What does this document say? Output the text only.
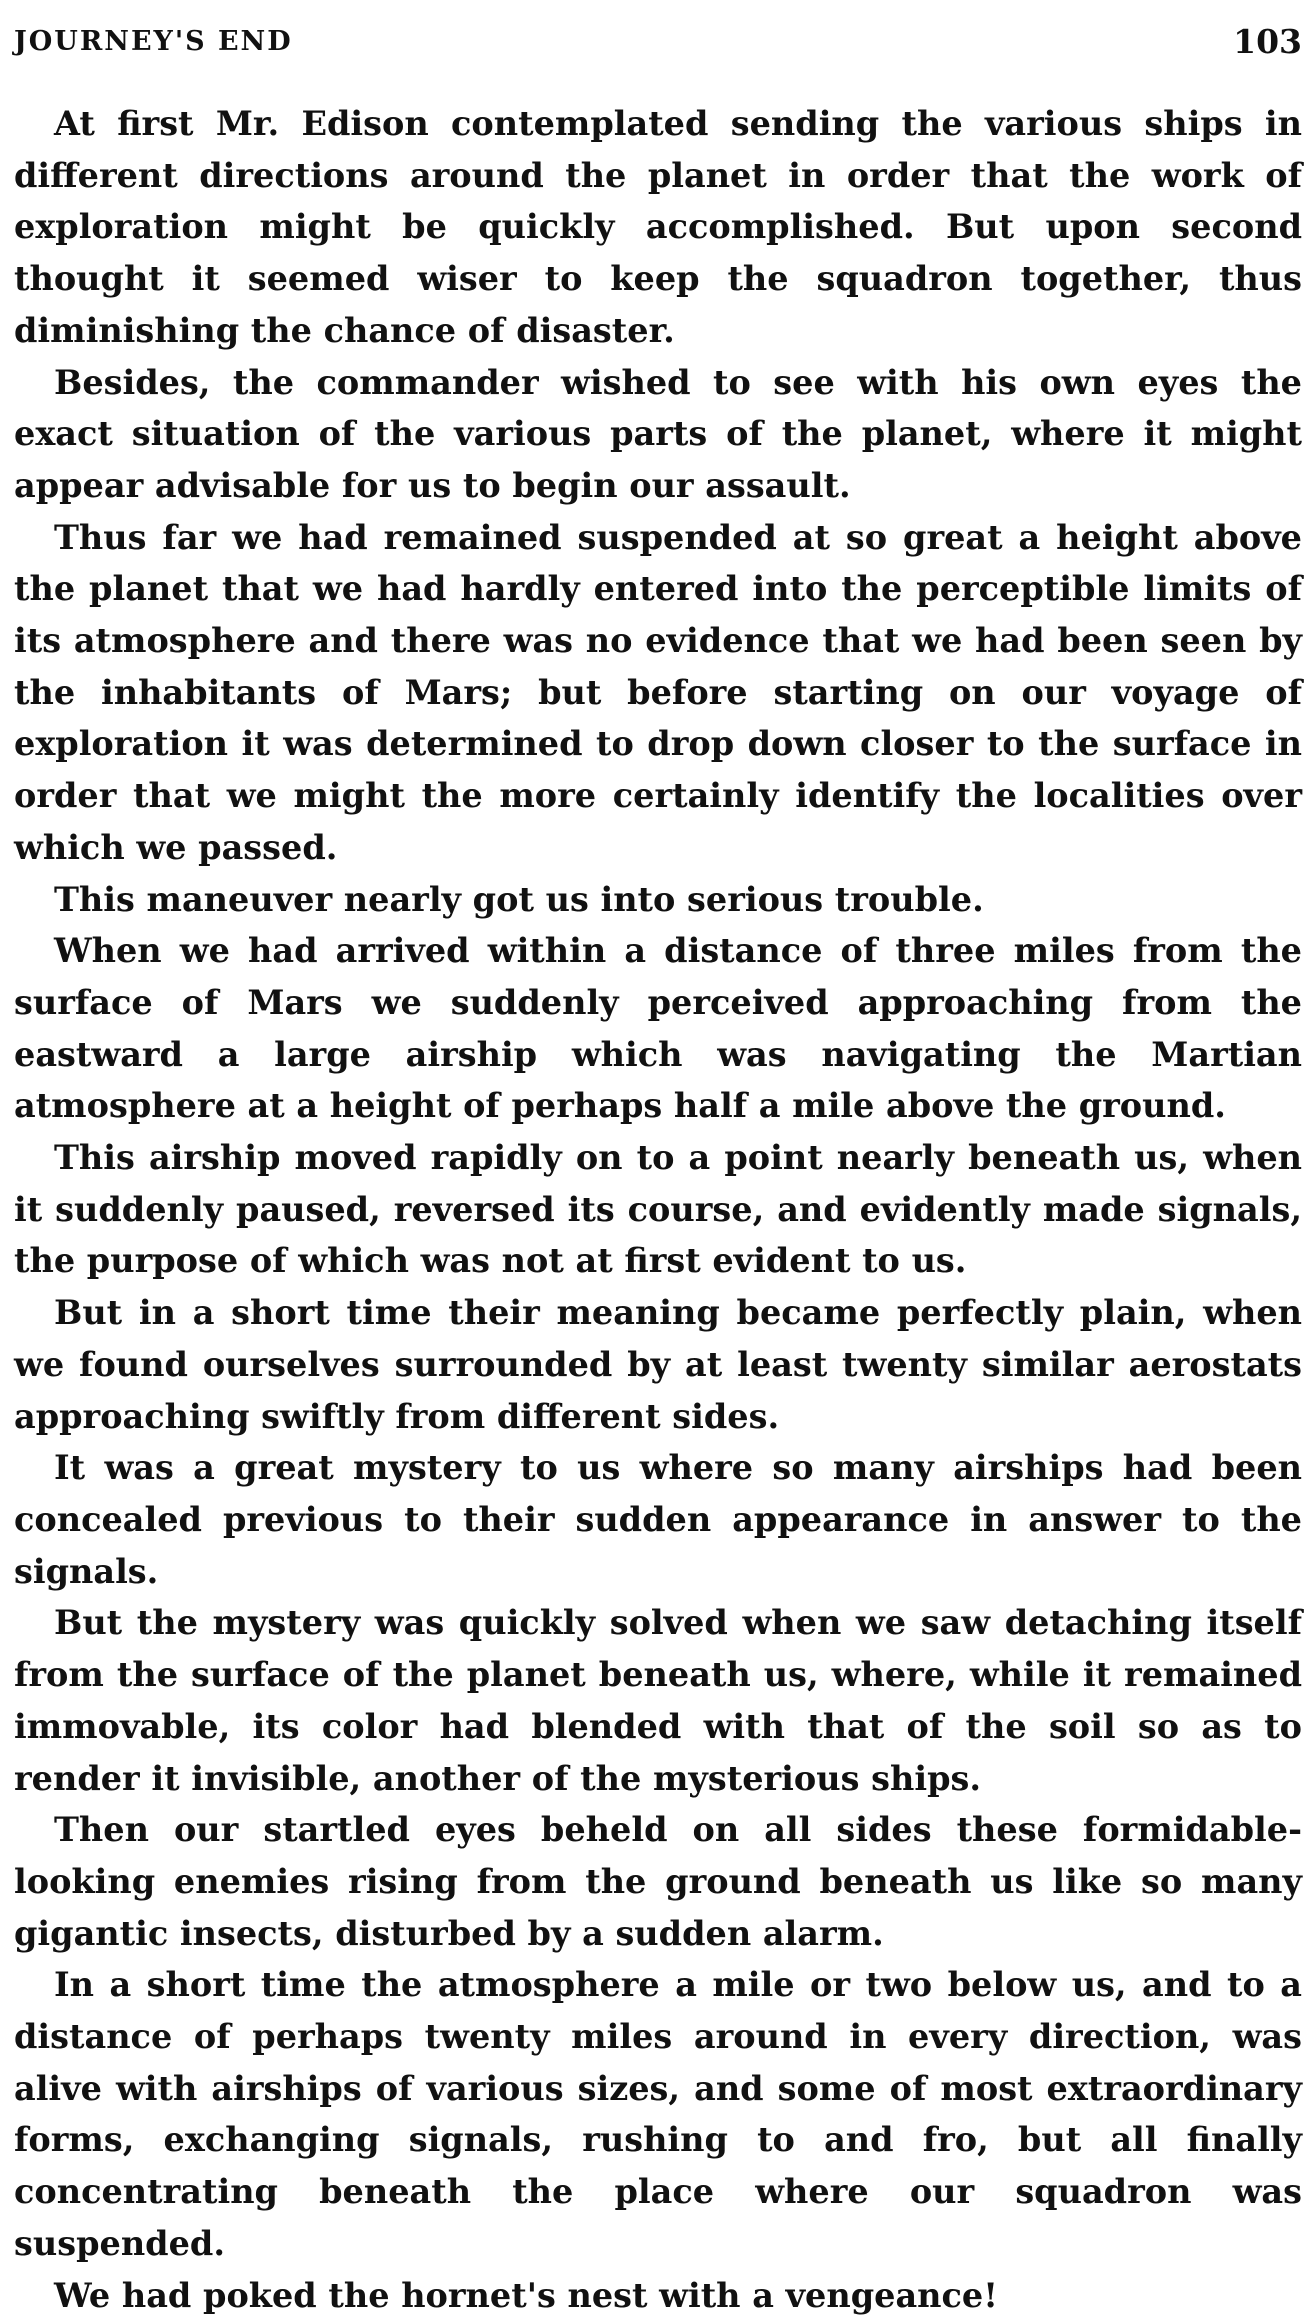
JOURNEY'S END	103

At first Mr. Edison contemplated sending the various ships in different directions around the planet in order that the work of exploration might be quickly accomplished. But upon second thought it seemed wiser to keep the squadron together, thus diminishing the chance of disaster.

Besides, the commander wished to see with his own eyes the exact situation of the various parts of the planet, where it might appear advisable for us to begin our assault.

Thus far we had remained suspended at so great a height above the planet that we had hardly entered into the perceptible limits of its atmosphere and there was no evidence that we had been seen by the inhabitants of Mars; but before starting on our voyage of exploration it was determined to drop down closer to the surface in order that we might the more certainly identify the localities over which we passed.

This maneuver nearly got us into serious trouble.

When we had arrived within a distance of three miles from the surface of Mars we suddenly perceived approaching from the eastward a large airship which was navigating the Martian atmosphere at a height of perhaps half a mile above the ground.

This airship moved rapidly on to a point nearly beneath us, when it suddenly paused, reversed its course, and evidently made signals, the purpose of which was not at first evident to us.

But in a short time their meaning became perfectly plain, when we found ourselves surrounded by at least twenty similar aerostats approaching swiftly from different sides.

It was a great mystery to us where so many airships had been concealed previous to their sudden appearance in answer to the signals.

But the mystery was quickly solved when we saw detaching itself from the surface of the planet beneath us, where, while it remained immovable, its color had blended with that of the soil so as to render it invisible, another of the mysterious ships.

Then our startled eyes beheld on all sides these formidable-looking enemies rising from the ground beneath us like so many gigantic insects, disturbed by a sudden alarm.

In a short time the atmosphere a mile or two below us, and to a distance of perhaps twenty miles around in every direction, was alive with airships of various sizes, and some of most extraordinary forms, exchanging signals, rushing to and fro, but all finally concentrating beneath the place where our squadron was suspended.

We had poked the hornet's nest with a vengeance!
